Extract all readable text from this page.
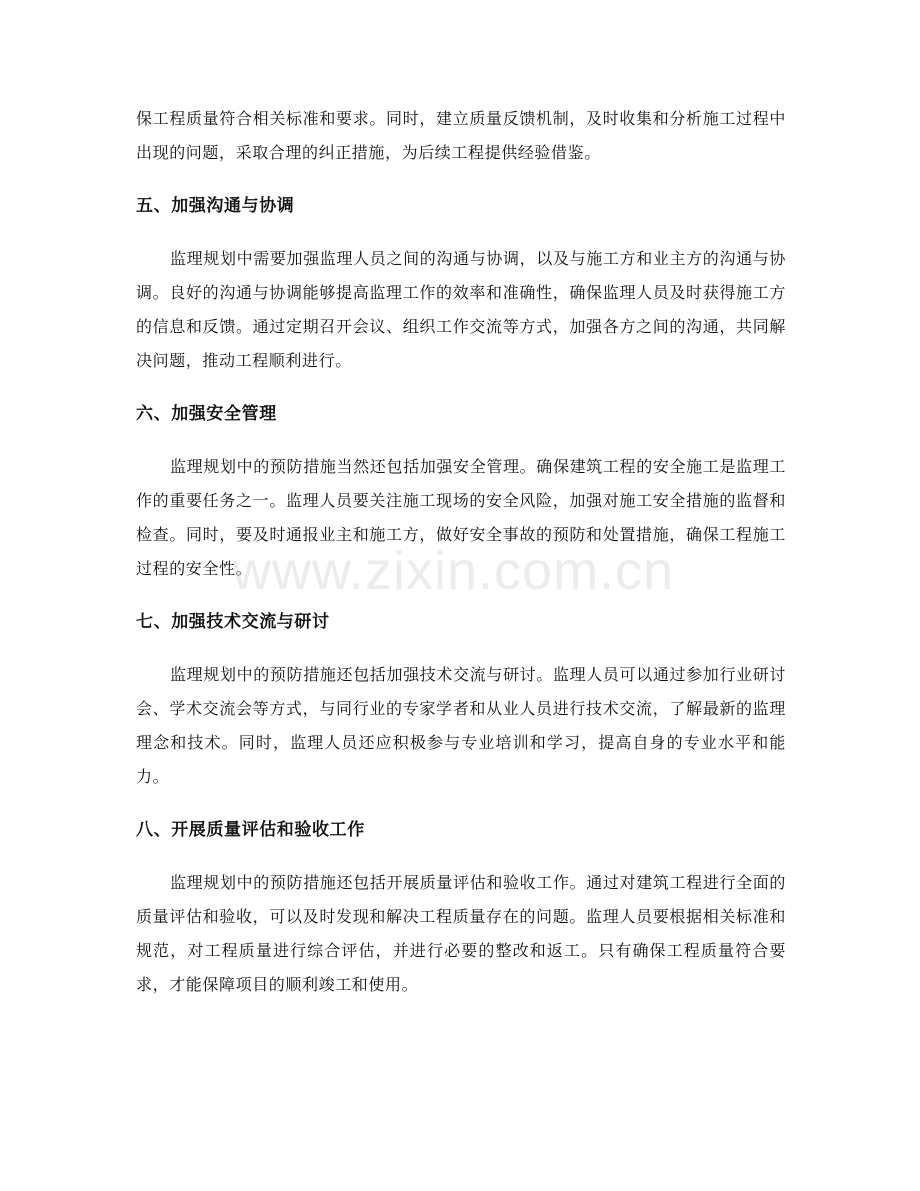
保工程质量符合相关标准和要求。同时，建立质量反馈机制，及时收集和分析施工过程中出现的问题，采取合理的纠正措施，为后续工程提供经验借鉴。

五、加强沟通与协调

监理规划中需要加强监理人员之间的沟通与协调，以及与施工方和业主方的沟通与协调。良好的沟通与协调能够提高监理工作的效率和准确性，确保监理人员及时获得施工方的信息和反馈。通过定期召开会议、组织工作交流等方式，加强各方之间的沟通，共同解决问题，推动工程顺利进行。

六、加强安全管理

监理规划中的预防措施当然还包括加强安全管理。确保建筑工程的安全施工是监理工作的重要任务之一。监理人员要关注施工现场的安全风险，加强对施工安全措施的监督和检查。同时，要及时通报业主和施工方，做好安全事故的预防和处置措施，确保工程施工过程的安全性。

七、加强技术交流与研讨

监理规划中的预防措施还包括加强技术交流与研讨。监理人员可以通过参加行业研讨会、学术交流会等方式，与同行业的专家学者和从业人员进行技术交流，了解最新的监理理念和技术。同时，监理人员还应积极参与专业培训和学习，提高自身的专业水平和能力。

八、开展质量评估和验收工作

监理规划中的预防措施还包括开展质量评估和验收工作。通过对建筑工程进行全面的质量评估和验收，可以及时发现和解决工程质量存在的问题。监理人员要根据相关标准和规范，对工程质量进行综合评估，并进行必要的整改和返工。只有确保工程质量符合要求，才能保障项目的顺利竣工和使用。

www.zixin.com.cn
